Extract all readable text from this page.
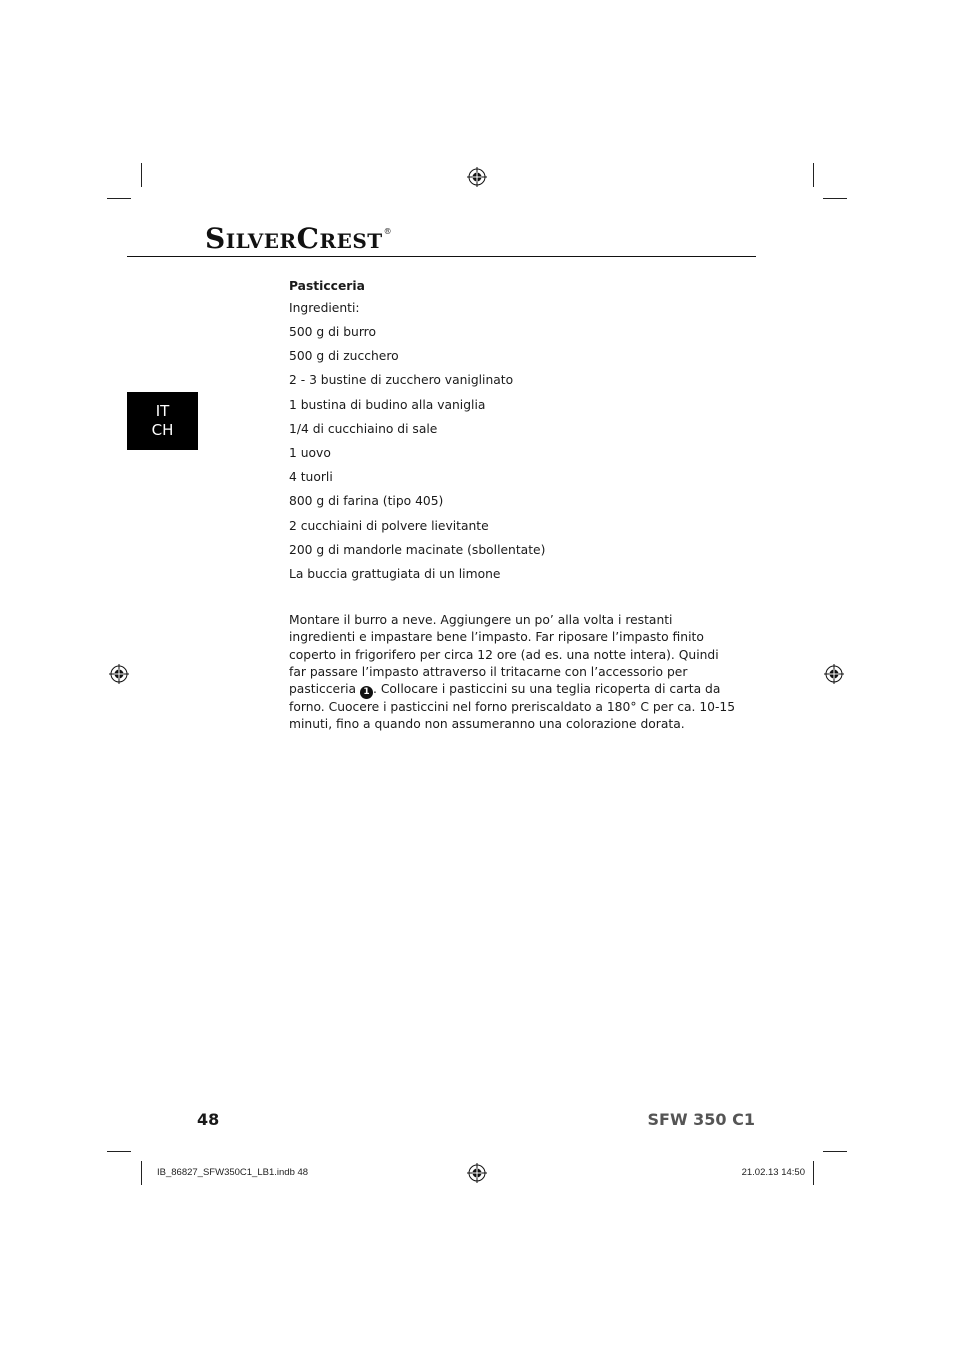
SILVERCREST®
IT
CH

Pasticceria

Ingredienti:

500 g di burro
500 g di zucchero
2 - 3 bustine di zucchero vaniglinato
1 bustina di budino alla vaniglia
1/4 di cucchiaino di sale
1 uovo
4 tuorli
800 g di farina (tipo 405)
2 cucchiaini di polvere lievitante
200 g di mandorle macinate (sbollentate)
La buccia grattugiata di un limone

Montare il burro a neve. Aggiungere un po’ alla volta i restanti ingredienti e impastare bene l’impasto. Far riposare l’impasto finito coperto in frigorifero per circa 12 ore (ad es. una notte intera). Quindi far passare l’impasto attraverso il tritacarne con l’accessorio per pasticceria 1 . Collocare i pasticcini su una teglia ricoperta di carta da forno. Cuocere i pasticcini nel forno preriscaldato a 180° C per ca. 10-15 minuti, fino a quando non assumeranno una colorazione dorata.

48	SFW 350 C1
IB_86827_SFW350C1_LB1.indb 48	21.02.13 14:50
